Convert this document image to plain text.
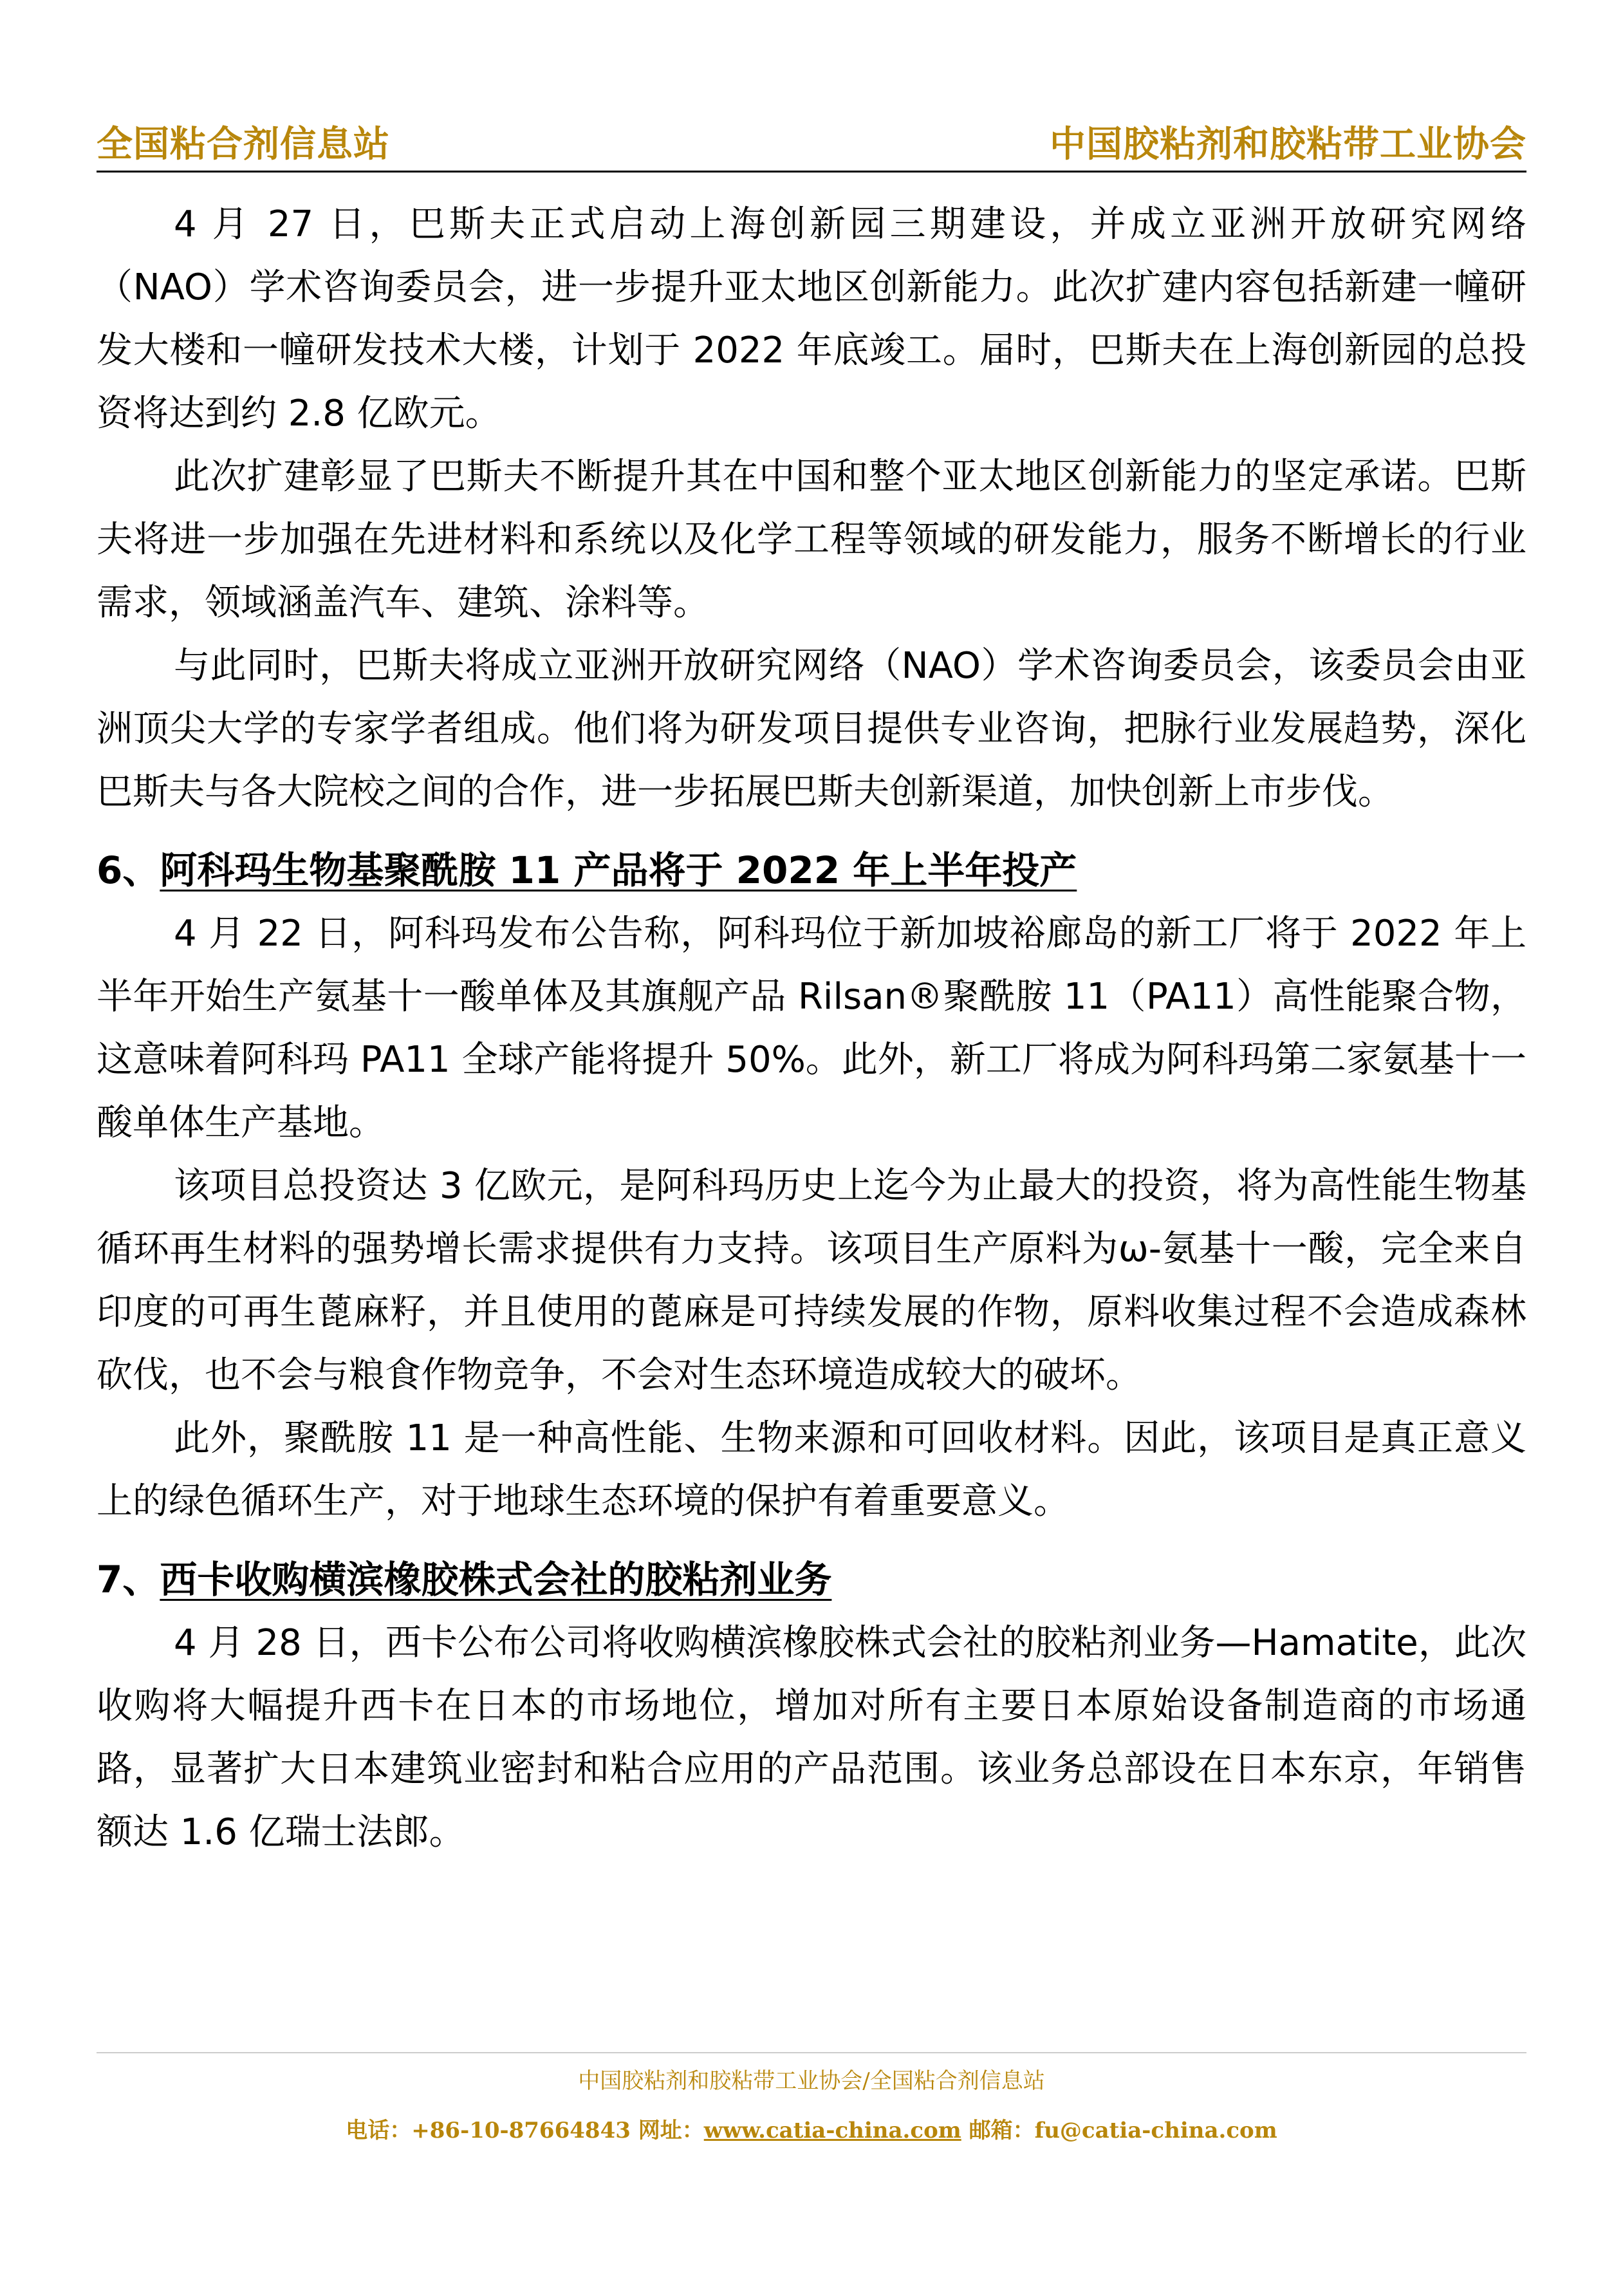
全国粘合剂信息站	中国胶粘剂和胶粘带工业协会

4 月 27 日，巴斯夫正式启动上海创新园三期建设，并成立亚洲开放研究网络（NAO）学术咨询委员会，进一步提升亚太地区创新能力。此次扩建内容包括新建一幢研发大楼和一幢研发技术大楼，计划于 2022 年底竣工。届时，巴斯夫在上海创新园的总投资将达到约 2.8 亿欧元。

此次扩建彰显了巴斯夫不断提升其在中国和整个亚太地区创新能力的坚定承诺。巴斯夫将进一步加强在先进材料和系统以及化学工程等领域的研发能力，服务不断增长的行业需求，领域涵盖汽车、建筑、涂料等。

与此同时，巴斯夫将成立亚洲开放研究网络（NAO）学术咨询委员会，该委员会由亚洲顶尖大学的专家学者组成。他们将为研发项目提供专业咨询，把脉行业发展趋势，深化巴斯夫与各大院校之间的合作，进一步拓展巴斯夫创新渠道，加快创新上市步伐。

6、阿科玛生物基聚酰胺 11 产品将于 2022 年上半年投产

4 月 22 日，阿科玛发布公告称，阿科玛位于新加坡裕廊岛的新工厂将于 2022 年上半年开始生产氨基十一酸单体及其旗舰产品 Rilsan®聚酰胺 11（PA11）高性能聚合物，这意味着阿科玛 PA11 全球产能将提升 50%。此外，新工厂将成为阿科玛第二家氨基十一酸单体生产基地。

该项目总投资达 3 亿欧元，是阿科玛历史上迄今为止最大的投资，将为高性能生物基循环再生材料的强势增长需求提供有力支持。该项目生产原料为ω-氨基十一酸，完全来自印度的可再生蓖麻籽，并且使用的蓖麻是可持续发展的作物，原料收集过程不会造成森林砍伐，也不会与粮食作物竞争，不会对生态环境造成较大的破坏。

此外，聚酰胺 11 是一种高性能、生物来源和可回收材料。因此，该项目是真正意义上的绿色循环生产，对于地球生态环境的保护有着重要意义。

7、西卡收购横滨橡胶株式会社的胶粘剂业务

4 月 28 日，西卡公布公司将收购横滨橡胶株式会社的胶粘剂业务—Hamatite，此次收购将大幅提升西卡在日本的市场地位，增加对所有主要日本原始设备制造商的市场通路，显著扩大日本建筑业密封和粘合应用的产品范围。该业务总部设在日本东京，年销售额达 1.6 亿瑞士法郎。

中国胶粘剂和胶粘带工业协会/全国粘合剂信息站
电话：+86-10-87664843 网址：www.catia-china.com 邮箱：fu@catia-china.com
